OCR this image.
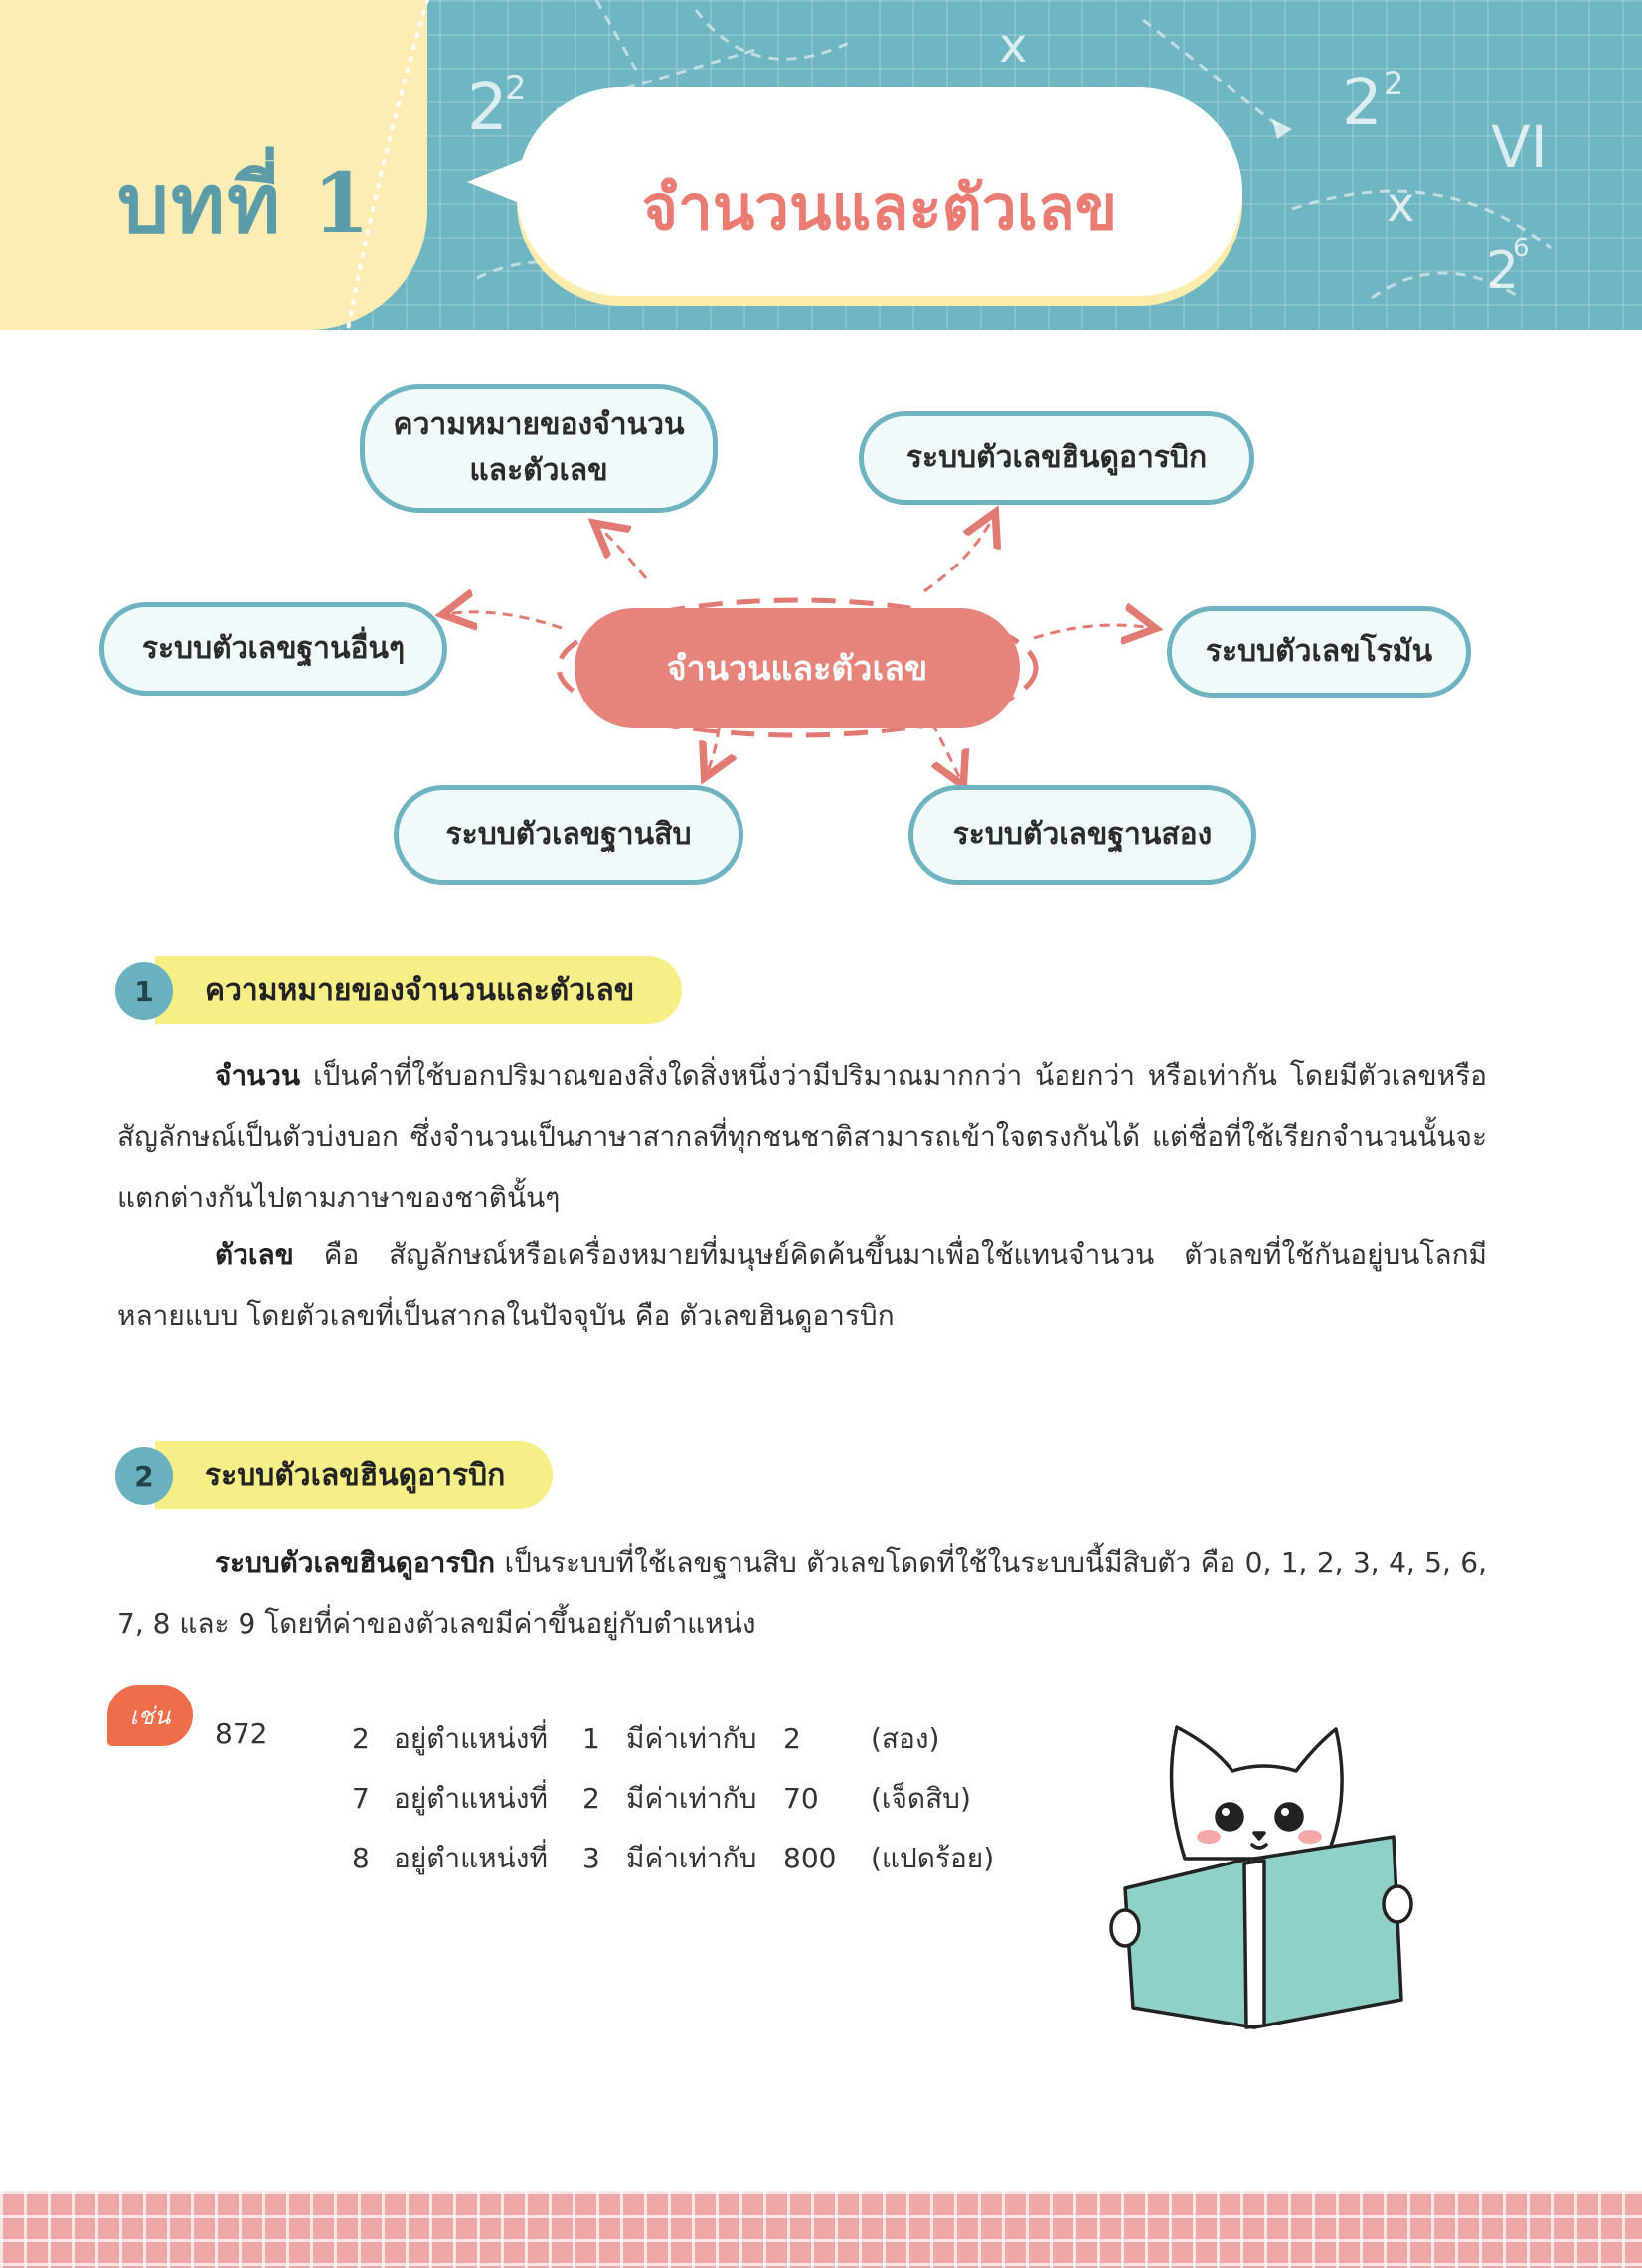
2
2	2 2
VI
x
x
2
6
บทที่ 1	จำนวนและตัวเลข
ความหมายของจำนวน
และตัวเลข	ระบบตัวเลขฮินดูอารบิก
ระบบตัวเลขฐานอื่นๆ
จำนวนและตัวเลข	ระบบตัวเลขโรมัน
ระบบตัวเลขฐานสิบ	ระบบตัวเลขฐานสอง
1	ความหมายของจำนวนและตัวเลข
จำนวน เป็นคำที่ใช้บอกปริมาณของสิ่งใดสิ่งหนึ่งว่ามีปริมาณมากกว่า น้อยกว่า หรือเท่ากัน โดยมีตัวเลขหรือสัญลักษณ์เป็นตัวบ่งบอก ซึ่งจำนวนเป็นภาษาสากลที่ทุกชนชาติสามารถเข้าใจตรงกันได้ แต่ชื่อที่ใช้เรียกจำนวนนั้นจะแตกต่างกันไปตามภาษาของชาตินั้นๆ
ตัวเลข คือ สัญลักษณ์หรือเครื่องหมายที่มนุษย์คิดค้นขึ้นมาเพื่อใช้แทนจำนวน ตัวเลขที่ใช้กันอยู่บนโลกมีหลายแบบ โดยตัวเลขที่เป็นสากลในปัจจุบัน คือ ตัวเลขฮินดูอารบิก
2	ระบบตัวเลขฮินดูอารบิก
ระบบตัวเลขฮินดูอารบิก เป็นระบบที่ใช้เลขฐานสิบ ตัวเลขโดดที่ใช้ในระบบนี้มีสิบตัว คือ 0, 1, 2, 3, 4, 5, 6, 7, 8 และ 9 โดยที่ค่าของตัวเลขมีค่าขึ้นอยู่กับตำแหน่ง
เช่น
872	2 อยู่ตำแหน่งที่ 1 มีค่าเท่ากับ 2	(สอง)
7 อยู่ตำแหน่งที่ 2 มีค่าเท่ากับ 70 (เจ็ดสิบ)
8 อยู่ตำแหน่งที่ 3 มีค่าเท่ากับ 800 (แปดร้อย)
